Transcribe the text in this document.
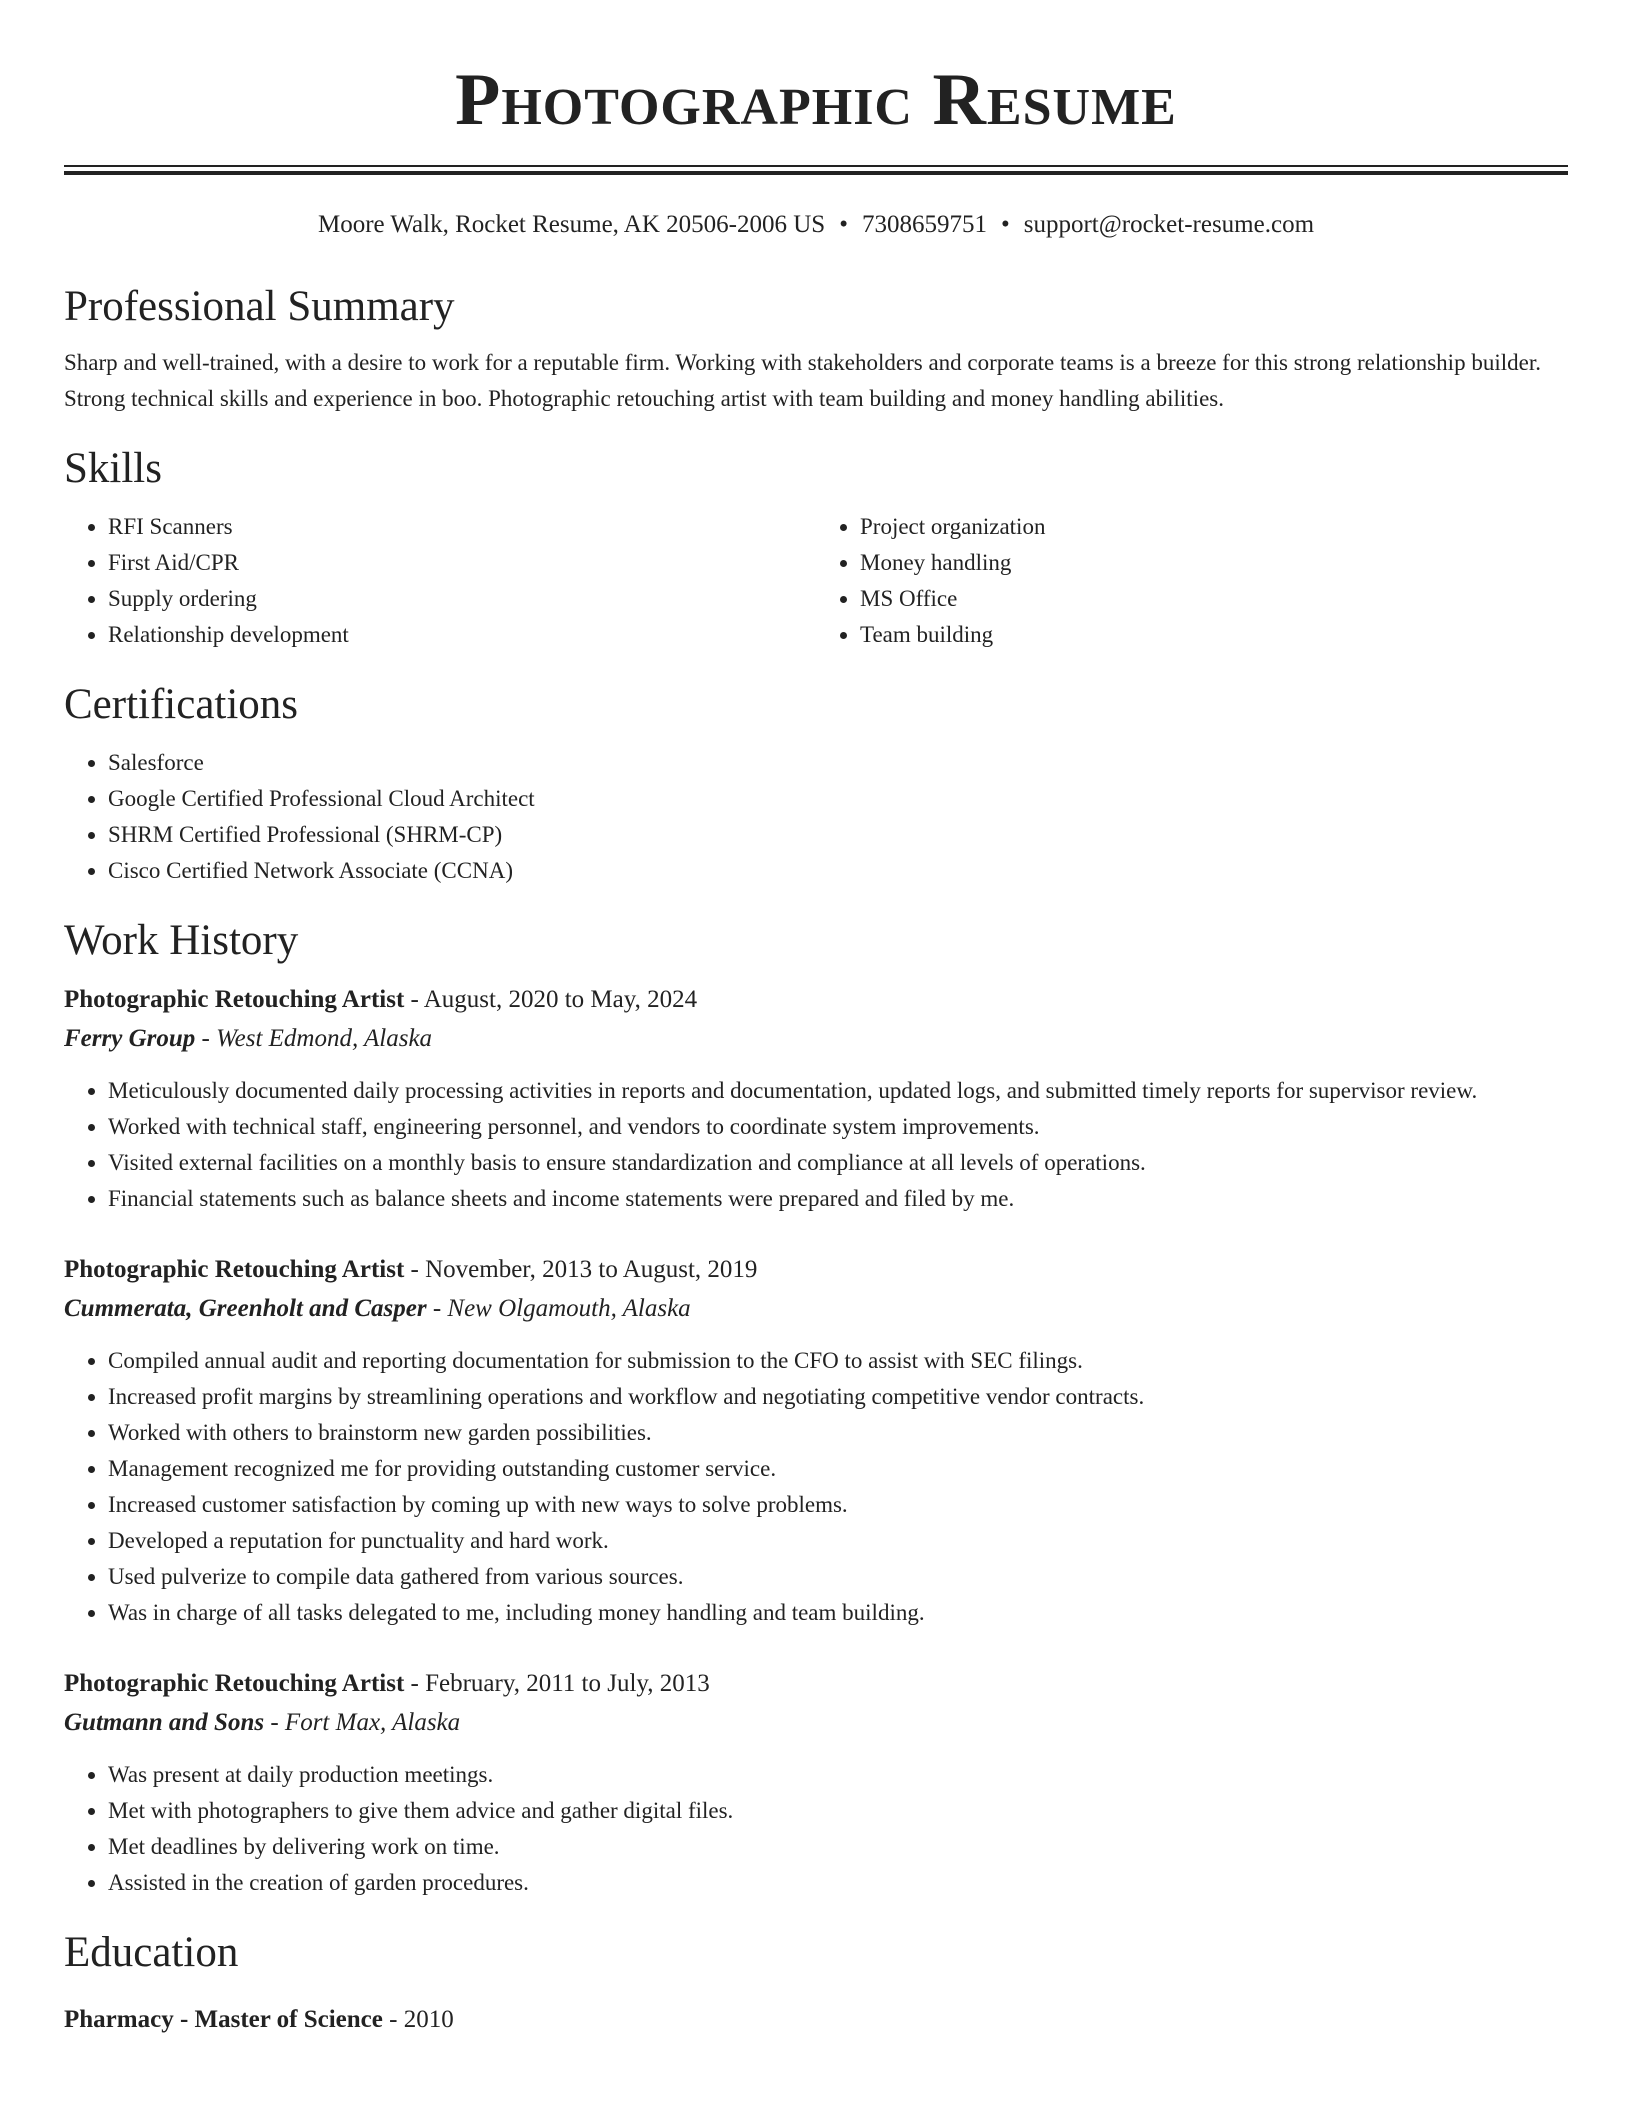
Photographic Resume
Moore Walk, Rocket Resume, AK 20506-2006 US • 7308659751 • support@rocket-resume.com
Professional Summary

Sharp and well-trained, with a desire to work for a reputable firm. Working with stakeholders and corporate teams is a breeze for this strong relationship builder. Strong technical skills and experience in boo. Photographic retouching artist with team building and money handling abilities.

Skills
• RFI Scanners
• First Aid/CPR
• Supply ordering
• Relationship development
• Project organization
• Money handling
• MS Office
• Team building
Certifications
• Salesforce
• Google Certified Professional Cloud Architect
• SHRM Certified Professional (SHRM-CP)
• Cisco Certified Network Associate (CCNA)
Work History
Photographic Retouching Artist - August, 2020 to May, 2024
Ferry Group - West Edmond, Alaska
• Meticulously documented daily processing activities in reports and documentation, updated logs, and submitted timely reports for supervisor review.
• Worked with technical staff, engineering personnel, and vendors to coordinate system improvements.
• Visited external facilities on a monthly basis to ensure standardization and compliance at all levels of operations.
• Financial statements such as balance sheets and income statements were prepared and filed by me.
Photographic Retouching Artist - November, 2013 to August, 2019
Cummerata, Greenholt and Casper - New Olgamouth, Alaska
• Compiled annual audit and reporting documentation for submission to the CFO to assist with SEC filings.
• Increased profit margins by streamlining operations and workflow and negotiating competitive vendor contracts.
• Worked with others to brainstorm new garden possibilities.
• Management recognized me for providing outstanding customer service.
• Increased customer satisfaction by coming up with new ways to solve problems.
• Developed a reputation for punctuality and hard work.
• Used pulverize to compile data gathered from various sources.
• Was in charge of all tasks delegated to me, including money handling and team building.
Photographic Retouching Artist - February, 2011 to July, 2013
Gutmann and Sons - Fort Max, Alaska
• Was present at daily production meetings.
• Met with photographers to give them advice and gather digital files.
• Met deadlines by delivering work on time.
• Assisted in the creation of garden procedures.
Education
Pharmacy - Master of Science - 2010
